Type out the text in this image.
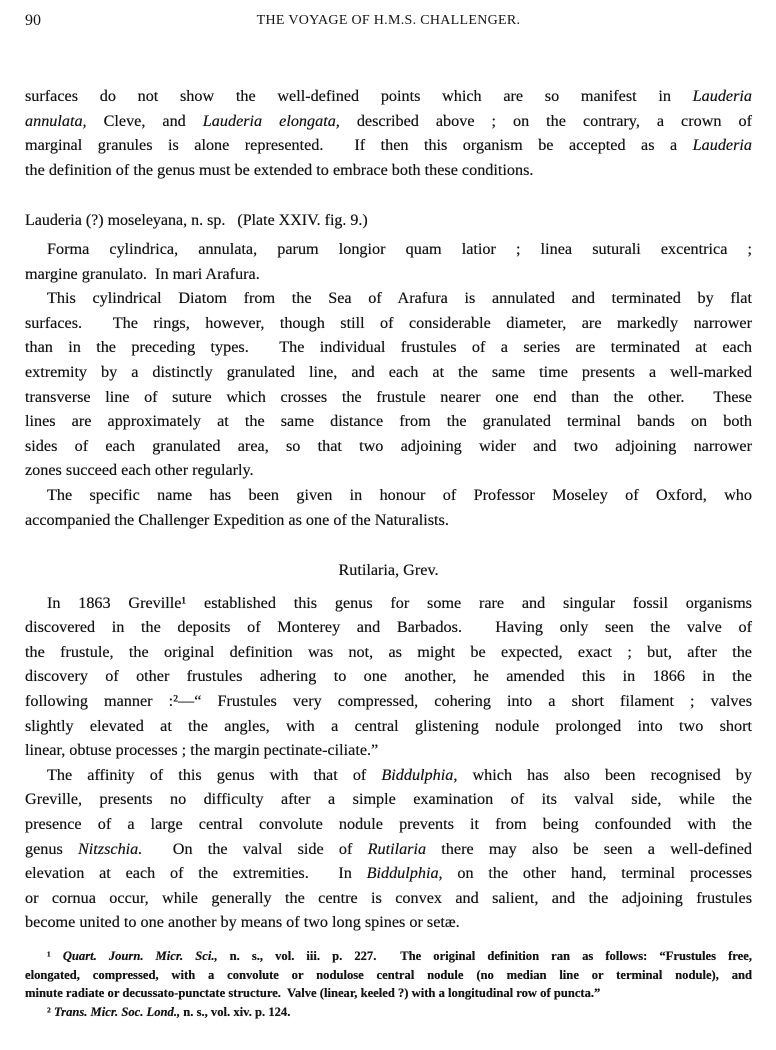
90	THE VOYAGE OF H.M.S. CHALLENGER.
surfaces do not show the well-defined points which are so manifest in Lauderia
annulata, Cleve, and Lauderia elongata, described above ; on the contrary, a crown of
marginal granules is alone represented.  If then this organism be accepted as a Lauderia
the definition of the genus must be extended to embrace both these conditions.
Lauderia (?) moseleyana, n. sp.   (Plate XXIV. fig. 9.)
Forma cylindrica, annulata, parum longior quam latior ; linea suturali excentrica ;
margine granulato.  In mari Arafura.
This cylindrical Diatom from the Sea of Arafura is annulated and terminated by flat
surfaces.  The rings, however, though still of considerable diameter, are markedly narrower
than in the preceding types.  The individual frustules of a series are terminated at each
extremity by a distinctly granulated line, and each at the same time presents a well-marked
transverse line of suture which crosses the frustule nearer one end than the other.  These
lines are approximately at the same distance from the granulated terminal bands on both
sides of each granulated area, so that two adjoining wider and two adjoining narrower
zones succeed each other regularly.
The specific name has been given in honour of Professor Moseley of Oxford, who
accompanied the Challenger Expedition as one of the Naturalists.
Rutilaria, Grev.
In 1863 Greville¹ established this genus for some rare and singular fossil organisms
discovered in the deposits of Monterey and Barbados.  Having only seen the valve of
the frustule, the original definition was not, as might be expected, exact ; but, after the
discovery of other frustules adhering to one another, he amended this in 1866 in the
following manner :²—“ Frustules very compressed, cohering into a short filament ; valves
slightly elevated at the angles, with a central glistening nodule prolonged into two short
linear, obtuse processes ; the margin pectinate-ciliate.”
The affinity of this genus with that of Biddulphia, which has also been recognised by
Greville, presents no difficulty after a simple examination of its valval side, while the
presence of a large central convolute nodule prevents it from being confounded with the
genus Nitzschia.  On the valval side of Rutilaria there may also be seen a well-defined
elevation at each of the extremities.  In Biddulphia, on the other hand, terminal processes
or cornua occur, while generally the centre is convex and salient, and the adjoining frustules
become united to one another by means of two long spines or setæ.
¹ Quart. Journ. Micr. Sci., n. s., vol. iii. p. 227.  The original definition ran as follows: “Frustules free,
elongated, compressed, with a convolute or nodulose central nodule (no median line or terminal nodule), and
minute radiate or decussato-punctate structure.  Valve (linear, keeled ?) with a longitudinal row of puncta.”
² Trans. Micr. Soc. Lond., n. s., vol. xiv. p. 124.
